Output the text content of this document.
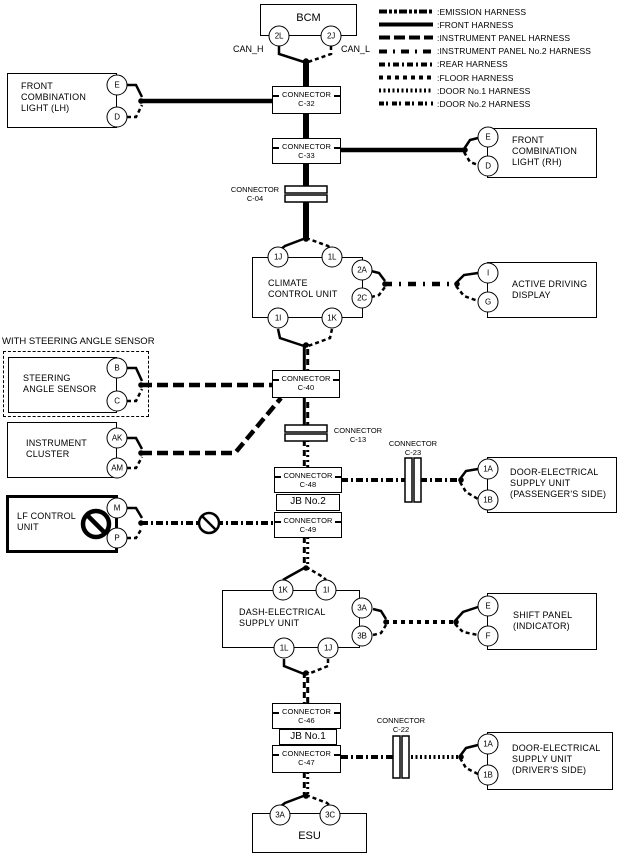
: EMISSION HARNESS
: FRONT HARNESS
: INSTRUMENT PANEL HARNESS
: INSTRUMENT PANEL No.2 HARNESS
: REAR HARNESS
: FLOOR HARNESS
: DOOR No.1 HARNESS
: DOOR No.2 HARNESS
BCM
FRONT
COMBINATION
LIGHT (LH)
FRONT
COMBINATION
LIGHT (RH)
CLIMATE
CONTROL UNIT
ACTIVE DRIVING
DISPLAY
WITH STEERING ANGLE SENSOR
STEERING
ANGLE SENSOR
INSTRUMENT
CLUSTER
DOOR-ELECTRICAL
SUPPLY UNIT
(PASSENGER'S SIDE)
LF CONTROL
UNIT
DASH-ELECTRICAL
SUPPLY UNIT
SHIFT PANEL
(INDICATOR)
DOOR-ELECTRICAL
SUPPLY UNIT
(DRIVER'S SIDE)
ESU
CONNECTOR
C-32
CONNECTOR
C-33
CONNECTOR
C-40
CONNECTOR
C-48
JB No.2
CONNECTOR
C-49
CONNECTOR
C-46
JB No.1
CONNECTOR
C-47
CONNECTOR
C-04
CONNECTOR
C-13	CONNECTOR
C-23
CONNECTOR
C-22
CAN_H	CAN_L
2L	2J
E
D
E
D
1J	1L
2A
2C
I
G
1I	1K
B
C
AK
AM	1A
1B
M
P
1K	1I
3A
3B
E
F
1L	1J
1A
1B
3A	3C
